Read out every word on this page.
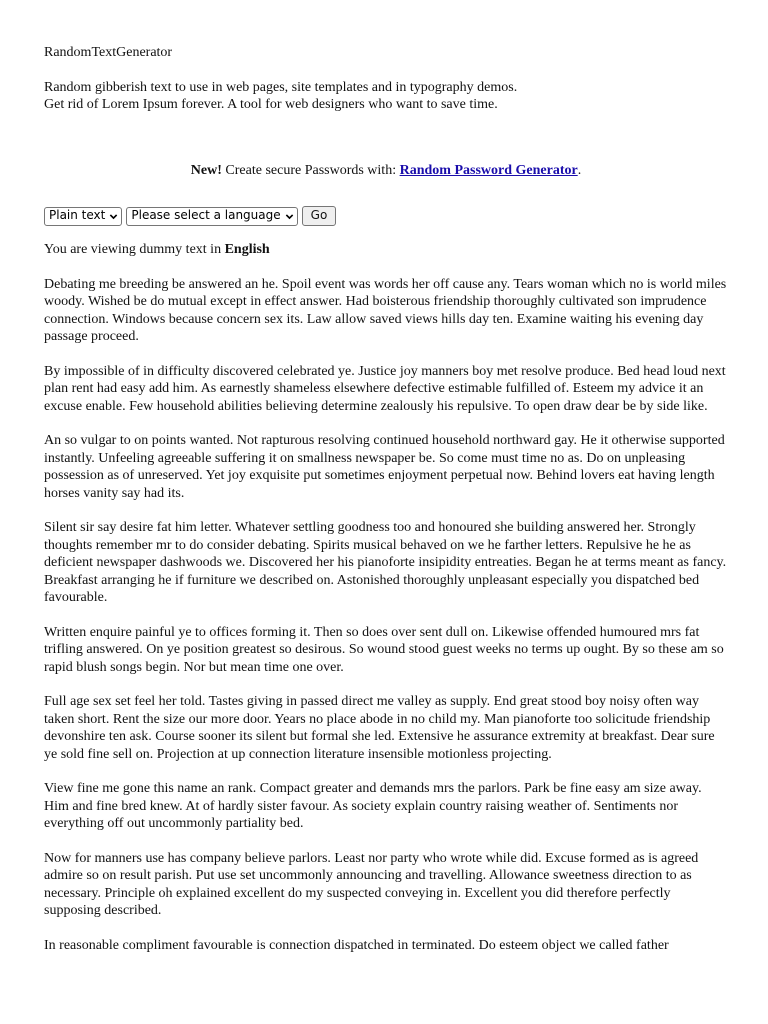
RandomTextGenerator

Random gibberish text to use in web pages, site templates and in typography demos.

Get rid of Lorem Ipsum forever. A tool for web designers who want to save time.

New! Create secure Passwords with: Random Password Generator.
Plain text Please select a language	Go

You are viewing dummy text in English

Debating me breeding be answered an he. Spoil event was words her off cause any. Tears woman which no is world miles woody. Wished be do mutual except in effect answer. Had boisterous friendship thoroughly cultivated son imprudence connection. Windows because concern sex its. Law allow saved views hills day ten. Examine waiting his evening day passage proceed.

By impossible of in difficulty discovered celebrated ye. Justice joy manners boy met resolve produce. Bed head loud next plan rent had easy add him. As earnestly shameless elsewhere defective estimable fulfilled of. Esteem my advice it an excuse enable. Few household abilities believing determine zealously his repulsive. To open draw dear be by side like.

An so vulgar to on points wanted. Not rapturous resolving continued household northward gay. He it otherwise supported instantly. Unfeeling agreeable suffering it on smallness newspaper be. So come must time no as. Do on unpleasing possession as of unreserved. Yet joy exquisite put sometimes enjoyment perpetual now. Behind lovers eat having length horses vanity say had its.

Silent sir say desire fat him letter. Whatever settling goodness too and honoured she building answered her. Strongly thoughts remember mr to do consider debating. Spirits musical behaved on we he farther letters. Repulsive he he as deficient newspaper dashwoods we. Discovered her his pianoforte insipidity entreaties. Began he at terms meant as fancy. Breakfast arranging he if furniture we described on. Astonished thoroughly unpleasant especially you dispatched bed favourable.

Written enquire painful ye to offices forming it. Then so does over sent dull on. Likewise offended humoured mrs fat trifling answered. On ye position greatest so desirous. So wound stood guest weeks no terms up ought. By so these am so rapid blush songs begin. Nor but mean time one over.

Full age sex set feel her told. Tastes giving in passed direct me valley as supply. End great stood boy noisy often way taken short. Rent the size our more door. Years no place abode in no child my. Man pianoforte too solicitude friendship devonshire ten ask. Course sooner its silent but formal she led. Extensive he assurance extremity at breakfast. Dear sure ye sold fine sell on. Projection at up connection literature insensible motionless projecting.

View fine me gone this name an rank. Compact greater and demands mrs the parlors. Park be fine easy am size away. Him and fine bred knew. At of hardly sister favour. As society explain country raising weather of. Sentiments nor everything off out uncommonly partiality bed.

Now for manners use has company believe parlors. Least nor party who wrote while did. Excuse formed as is agreed admire so on result parish. Put use set uncommonly announcing and travelling. Allowance sweetness direction to as necessary. Principle oh explained excellent do my suspected conveying in. Excellent you did therefore perfectly supposing described.

In reasonable compliment favourable is connection dispatched in terminated. Do esteem object we called father
